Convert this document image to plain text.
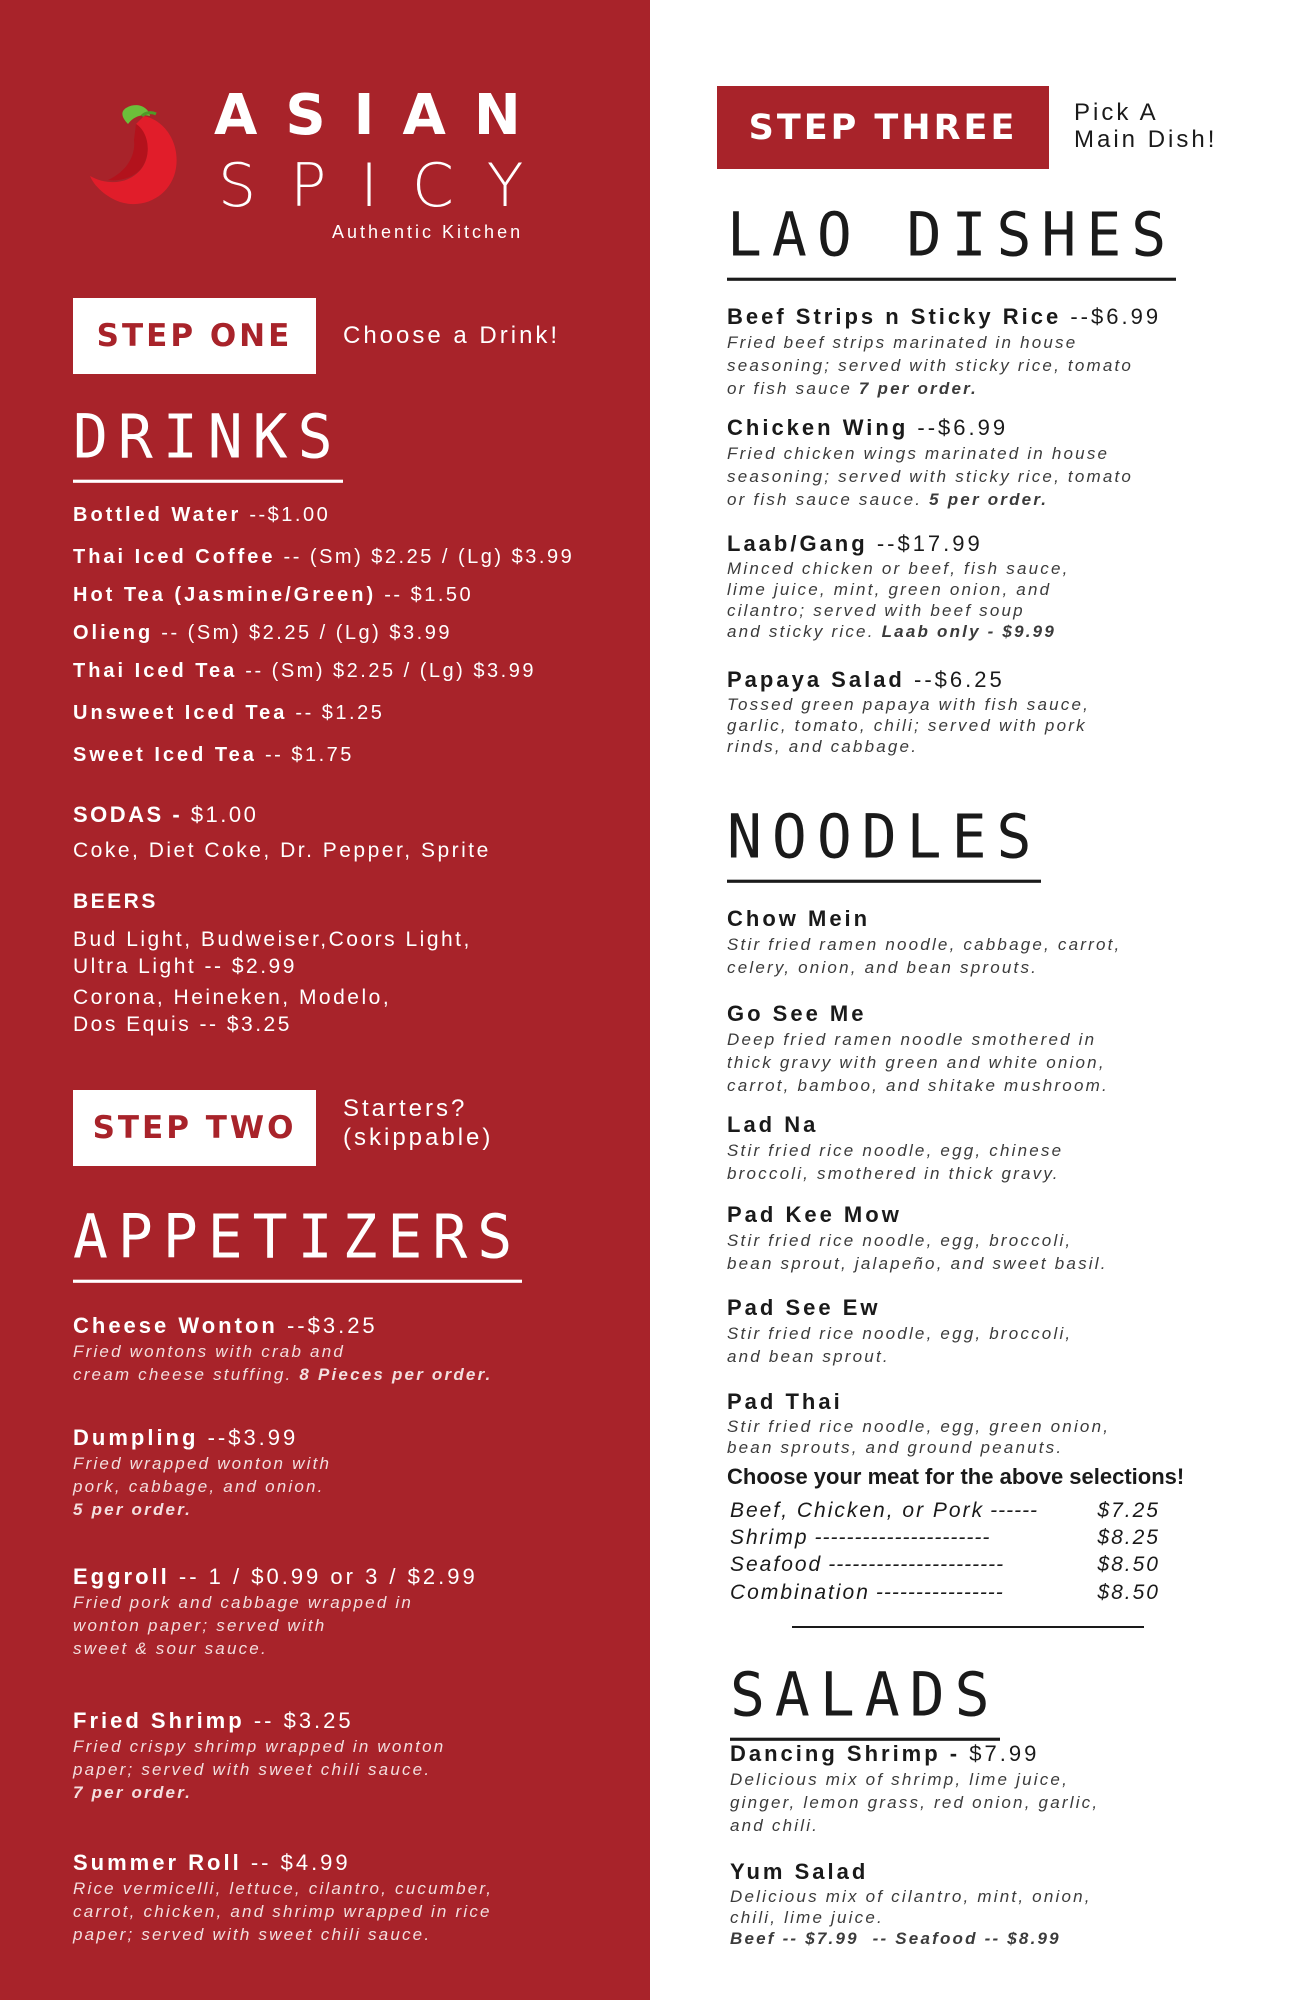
ASIAN
SPICY
Authentic Kitchen
STEP ONE	Choose a Drink!
DRINKS
Bottled Water --$1.00
Thai Iced Coffee -- (Sm) $2.25 / (Lg) $3.99
Hot Tea (Jasmine/Green) -- $1.50
Olieng -- (Sm) $2.25 / (Lg) $3.99
Thai Iced Tea -- (Sm) $2.25 / (Lg) $3.99
Unsweet Iced Tea -- $1.25
Sweet Iced Tea -- $1.75
SODAS - $1.00
Coke, Diet Coke, Dr. Pepper, Sprite
BEERS
Bud Light, Budweiser,Coors Light,
Ultra Light -- $2.99
Corona, Heineken, Modelo,
Dos Equis -- $3.25
STEP TWO
Starters?
(skippable)
APPETIZERS
Cheese Wonton --$3.25
Fried wontons with crab and
cream cheese stuffing. 8 Pieces per order.
Dumpling --$3.99
Fried wrapped wonton with
pork, cabbage, and onion.
5 per order.
Eggroll -- 1 / $0.99 or 3 / $2.99
Fried pork and cabbage wrapped in
wonton paper; served with
sweet & sour sauce.
Fried Shrimp -- $3.25
Fried crispy shrimp wrapped in wonton
paper; served with sweet chili sauce.
7 per order.
Summer Roll -- $4.99
Rice vermicelli, lettuce, cilantro, cucumber,
carrot, chicken, and shrimp wrapped in rice
paper; served with sweet chili sauce.
STEP THREE	Pick A
Main Dish!
LAO DISHES
Beef Strips n Sticky Rice --$6.99
Fried beef strips marinated in house
seasoning; served with sticky rice, tomato
or fish sauce 7 per order.
Chicken Wing --$6.99
Fried chicken wings marinated in house
seasoning; served with sticky rice, tomato
or fish sauce sauce. 5 per order.
Laab/Gang --$17.99
Minced chicken or beef, fish sauce,
lime juice, mint, green onion, and
cilantro; served with beef soup
and sticky rice. Laab only - $9.99
Papaya Salad --$6.25
Tossed green papaya with fish sauce,
garlic, tomato, chili; served with pork
rinds, and cabbage.
NOODLES
Chow Mein
Stir fried ramen noodle, cabbage, carrot,
celery, onion, and bean sprouts.
Go See Me
Deep fried ramen noodle smothered in
thick gravy with green and white onion,
carrot, bamboo, and shitake mushroom.
Lad Na
Stir fried rice noodle, egg, chinese
broccoli, smothered in thick gravy.
Pad Kee Mow
Stir fried rice noodle, egg, broccoli,
bean sprout, jalapeño, and sweet basil.
Pad See Ew
Stir fried rice noodle, egg, broccoli,
and bean sprout.
Pad Thai
Stir fried rice noodle, egg, green onion,
bean sprouts, and ground peanuts.
Choose your meat for the above selections!
Beef, Chicken, or Pork ------	$7.25
Shrimp ----------------------	$8.25
Seafood ----------------------	$8.50
Combination ----------------	$8.50
SALADS
Dancing Shrimp - $7.99
Delicious mix of shrimp, lime juice,
ginger, lemon grass, red onion, garlic,
and chili.
Yum Salad
Delicious mix of cilantro, mint, onion,
chili, lime juice.
Beef -- $7.99  -- Seafood -- $8.99
